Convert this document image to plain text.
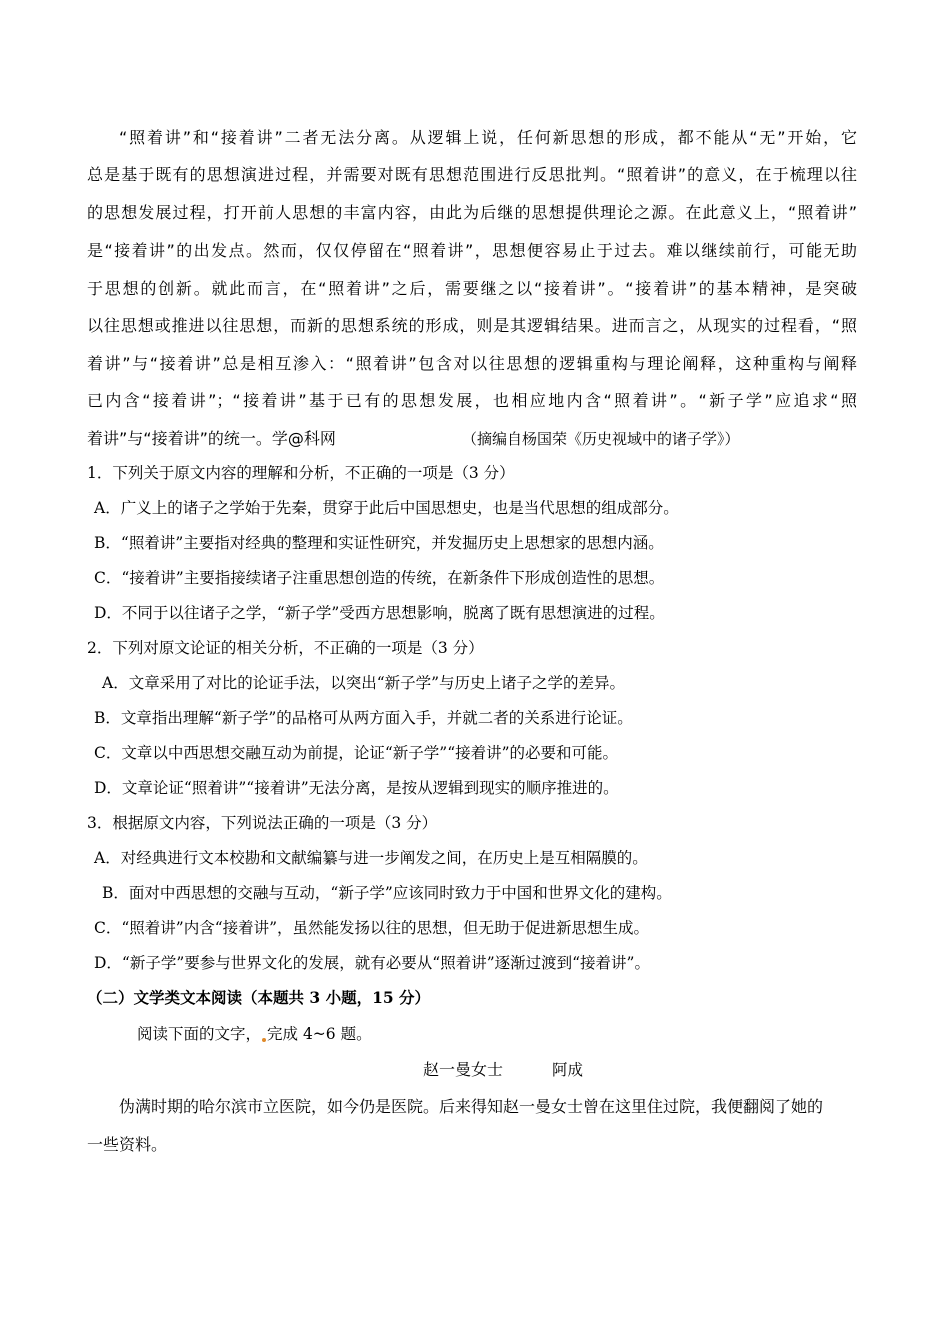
“照着讲”和“接着讲”二者无法分离。从逻辑上说，任何新思想的形成，都不能从“无”开始，它
总是基于既有的思想演进过程，并需要对既有思想范围进行反思批判。“照着讲”的意义，在于梳理以往
的思想发展过程，打开前人思想的丰富内容，由此为后继的思想提供理论之源。在此意义上，“照着讲”
是“接着讲”的出发点。然而，仅仅停留在“照着讲”，思想便容易止于过去。难以继续前行，可能无助
于思想的创新。就此而言，在“照着讲”之后，需要继之以“接着讲”。“接着讲”的基本精神，是突破
以往思想或推进以往思想，而新的思想系统的形成，则是其逻辑结果。进而言之，从现实的过程看，“照
着讲”与“接着讲”总是相互渗入：“照着讲”包含对以往思想的逻辑重构与理论阐释，这种重构与阐释
已内含“接着讲”；“接着讲”基于已有的思想发展，也相应地内含“照着讲”。“新子学”应追求“照
着讲”与“接着讲”的统一。学@科网	（摘编自杨国荣《历史视域中的诸子学》）
1．下列关于原文内容的理解和分析，不正确的一项是（3 分）
A．广义上的诸子之学始于先秦，贯穿于此后中国思想史，也是当代思想的组成部分。
B．“照着讲”主要指对经典的整理和实证性研究，并发掘历史上思想家的思想内涵。
C．“接着讲”主要指接续诸子注重思想创造的传统，在新条件下形成创造性的思想。
D．不同于以往诸子之学，“新子学”受西方思想影响，脱离了既有思想演进的过程。
2．下列对原文论证的相关分析，不正确的一项是（3 分）
A．文章采用了对比的论证手法，以突出“新子学”与历史上诸子之学的差异。
B．文章指出理解“新子学”的品格可从两方面入手，并就二者的关系进行论证。
C．文章以中西思想交融互动为前提，论证“新子学”“接着讲”的必要和可能。
D．文章论证“照着讲”“接着讲”无法分离，是按从逻辑到现实的顺序推进的。
3．根据原文内容，下列说法正确的一项是（3 分）
A．对经典进行文本校勘和文献编纂与进一步阐发之间，在历史上是互相隔膜的。
B．面对中西思想的交融与互动，“新子学”应该同时致力于中国和世界文化的建构。
C．“照着讲”内含“接着讲”，虽然能发扬以往的思想，但无助于促进新思想生成。
D．“新子学”要参与世界文化的发展，就有必要从“照着讲”逐渐过渡到“接着讲”。
（二）文学类文本阅读（本题共 3 小题，15 分）
阅读下面的文字， 完成 4~6 题。
赵一曼女士	阿成
伪满时期的哈尔滨市立医院，如今仍是医院。后来得知赵一曼女士曾在这里住过院，我便翻阅了她的
一些资料。
